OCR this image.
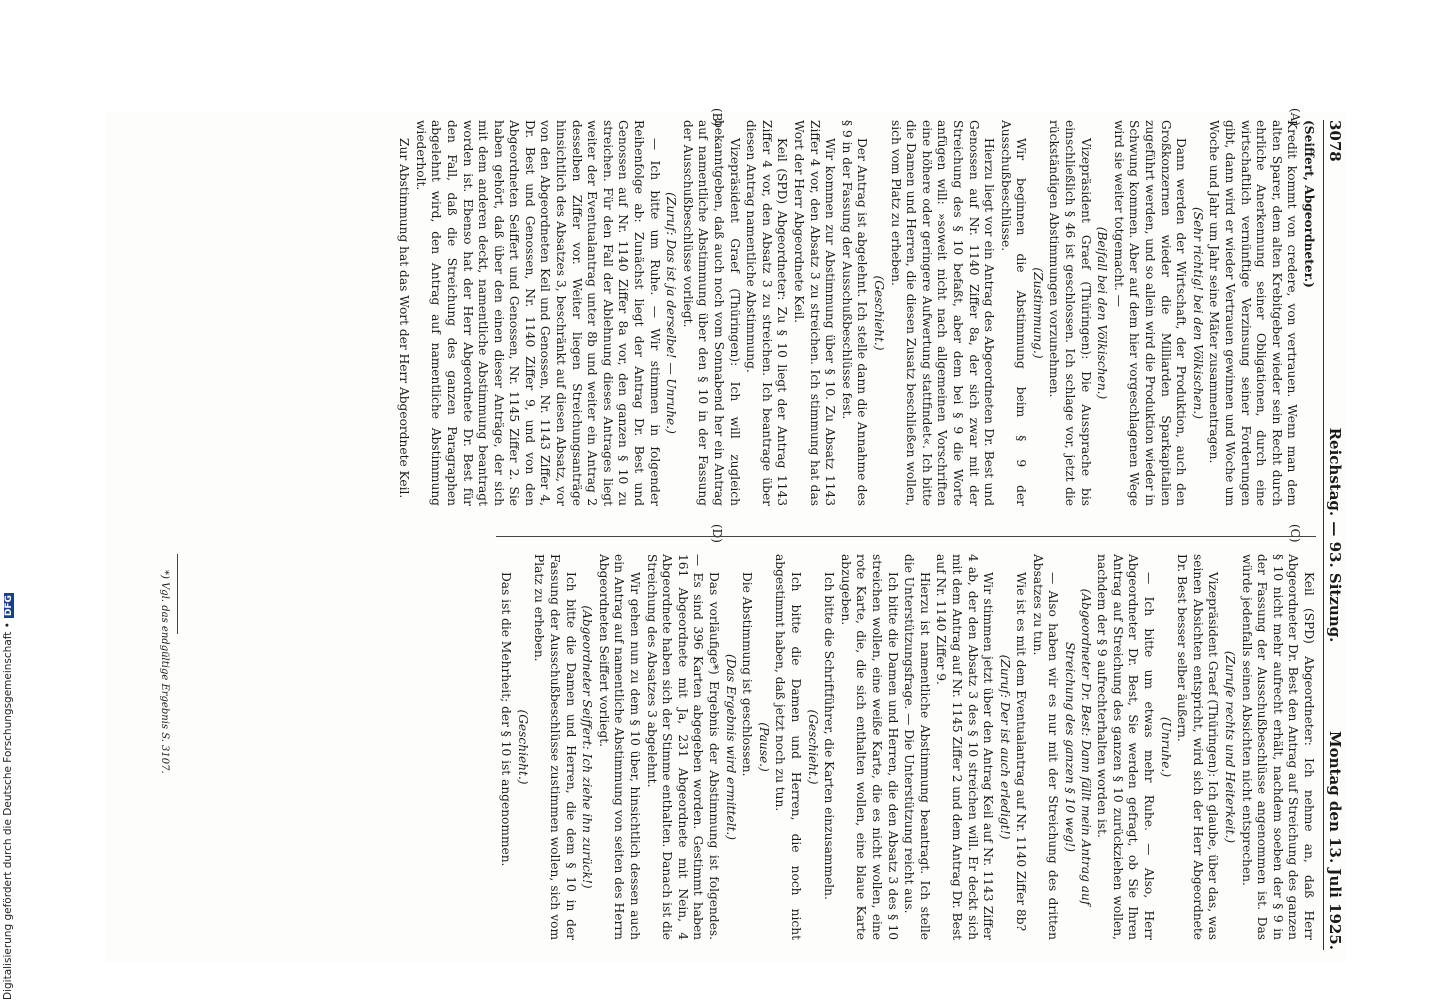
3078
Reichstag. — 93. Sitzung.
Montag den 13. Juli 1925.
(A)
(B)
(C)
(D)

(Seiffert, Abgeordneter.)

Kredit kommt von credere, von vertrauen. Wenn man dem alten Sparer, dem alten Krebitgeber wieder sein Recht durch ehrliche Anerkennung seiner Obligationen, durch eine wirtschaftlich vernünftige Verzinsung seiner Forderungen gibt, dann wird er wieder Vertrauen gewinnen und Woche um Woche und Jahr um Jahr seine Mäter zusammentragen.

(Sehr richtig! bei den Völkischen.)

Dann werden der Wirtschaft, der Produktion, auch den Großkonzernen wieder die Milliarden Sparkapitalien zugeführt werden, und so allein wird die Produktion wieder in Schwung kommen. Aber auf dem hier vorgeschlagenen Wege wird sie weiter totgemacht. —

(Beifall bei den Völkischen.)

Vizepräsident Graef (Thüringen): Die Aussprache bis einschließlich § 46 ist geschlossen. Ich schlage vor, jetzt die rückständigen Abstimmungen vorzunehmen.

(Zustimmung.)

Wir beginnen die Abstimmung beim § 9 der Ausschußbeschlüsse.

Hierzu liegt vor ein Antrag des Abgeordneten Dr. Best und Genossen auf Nr. 1140 Ziffer 8a, der sich zwar mit der Streichung des § 10 befaßt, aber dem bei § 9 die Worte anfügen will: »soweit nicht nach allgemeinen Vorschriften eine höhere oder geringere Aufwertung stattfindet«. Ich bitte die Damen und Herren, die diesen Zusatz beschließen wollen, sich vom Platz zu erheben.

(Geschieht.)

Der Antrag ist abgelehnt. Ich stelle dann die Annahme des § 9 in der Fassung der Ausschußbeschlüsse fest.

Wir kommen zur Abstimmung über § 10. Zu Absatz 1143 Ziffer 4 vor, den Absatz 3 zu streichen. Ich stimmung hat das Wort der Herr Abgeordnete Keil.

Keil (SPD) Abgeordneter: Zu § 10 liegt der Antrag 1143 Ziffer 4 vor, den Absatz 3 zu streichen. Ich beantrage über diesen Antrag namentliche Abstimmung.

Vizepräsident Graef (Thüringen): Ich will zugleich bekanntgeben, daß auch noch vom Sonnabend her ein Antrag auf namentliche Abstimmung über den § 10 in der Fassung der Ausschußbeschlüsse vorliegt.

(Zuruf: Das ist ja derselbe! — Unruhe.)

— Ich bitte um Ruhe. — Wir stimmen in folgender Reihenfolge ab: Zunächst liegt der Antrag Dr. Best und Genossen auf Nr. 1140 Ziffer 8a vor, den ganzen § 10 zu streichen. Für den Fall der Ablehnung dieses Antrages liegt weiter der Eventualantrag unter 8b und weiter ein Antrag 2 desselben Ziffer vor. Weiter liegen Streichungsanträge hinsichtlich des Absatzes 3, beschränkt auf diesen Absatz, vor von den Abgeordneten Keil und Genossen, Nr. 1143 Ziffer 4, Dr. Best und Genossen, Nr. 1140 Ziffer 9, und von den Abgeordneten Seiffert und Genossen, Nr. 1145 Ziffer 2. Sie haben gehört, daß über den einen dieser Anträge, der sich mit dem anderen deckt, namentliche Abstimmung beantragt worden ist. Ebenso hat der Herr Abgeordnete Dr. Best für den Fall, daß die Streichung des ganzen Paragraphen abgelehnt wird, den Antrag auf namentliche Abstimmung wiederholt.

Zur Abstimmung hat das Wort der Herr Abgeordnete Keil.

Keil (SPD) Abgeordneter: Ich nehme an, daß Herr Abgeordneter Dr. Best den Antrag auf Streichung des ganzen § 10 nicht mehr aufrecht erhält, nachdem soeben der § 9 in der Fassung der Ausschußbeschlüsse angenommen ist. Das würde jedenfalls seinen Absichten nicht entsprechen.

(Zurufe rechts und Heiterkeit.)

Vizepräsident Graef (Thüringen): Ich glaube, über das, was seinen Absichten entspricht, wird sich der Herr Abgeordnete Dr. Best besser selber äußern.

(Unruhe.)

— Ich bitte um etwas mehr Ruhe. — Also, Herr Abgeordneter Dr. Best, Sie werden gefragt, ob Sie Ihren Antrag auf Streichung des ganzen § 10 zurückziehen wollen, nachdem der § 9 aufrechterhalten worden ist.

(Abgeordneter Dr. Best: Dann fällt mein Antrag auf Streichung des ganzen § 10 weg!)

— Also haben wir es nur mit der Streichung des dritten Absatzes zu tun.

Wie ist es mit dem Eventualantrag auf Nr. 1140 Ziffer 8b?

(Zuruf: Der ist auch erledigt!)

Wir stimmen jetzt über den Antrag Keil auf Nr. 1143 Ziffer 4 ab, der den Absatz 3 des § 10 streichen will. Er deckt sich mit dem Antrag auf Nr. 1145 Ziffer 2 und dem Antrag Dr. Best auf Nr. 1140 Ziffer 9.

Hierzu ist namentliche Abstimmung beantragt. Ich stelle die Unterstützungsfrage. — Die Unterstützung reicht aus.

Ich bitte die Damen und Herren, die den Absatz 3 des § 10 streichen wollen, eine weiße Karte, die es nicht wollen, eine rote Karte, die, die sich enthalten wollen, eine blaue Karte abzugeben.

Ich bitte die Schriftführer, die Karten einzusammeln.

(Geschieht.)

Ich bitte die Damen und Herren, die noch nicht abgestimmt haben, daß jetzt noch zu tun.

(Pause.)

Die Abstimmung ist geschlossen.

(Das Ergebnis wird ermittelt.)

Das vorläufige*) Ergebnis der Abstimmung ist folgendes. — Es sind 396 Karten abgegeben worden. Gestimmt haben 161 Abgeordnete mit Ja, 231 Abgeordnete mit Nein, 4 Abgeordnete haben sich der Stimme enthalten. Danach ist die Streichung des Absatzes 3 abgelehnt.

Wir gehen nun zu dem § 10 über, hinsichtlich dessen auch ein Antrag auf namentliche Abstimmung von seiten des Herrn Abgeordneten Seiffert vorliegt.

(Abgeordneter Seiffert: Ich ziehe ihn zurück!)

Ich bitte die Damen und Herren, die dem § 10 in der Fassung der Ausschußbeschlüsse zustimmen wollen, sich vom Platz zu erheben.

(Geschieht.)

Das ist die Mehrheit; der § 10 ist angenommen.

*) Vgl. das endgültige Ergebnis S. 3107.
Digitalisierung gefördert durch die Deutsche Forschungsgemeinschaft •DFG
